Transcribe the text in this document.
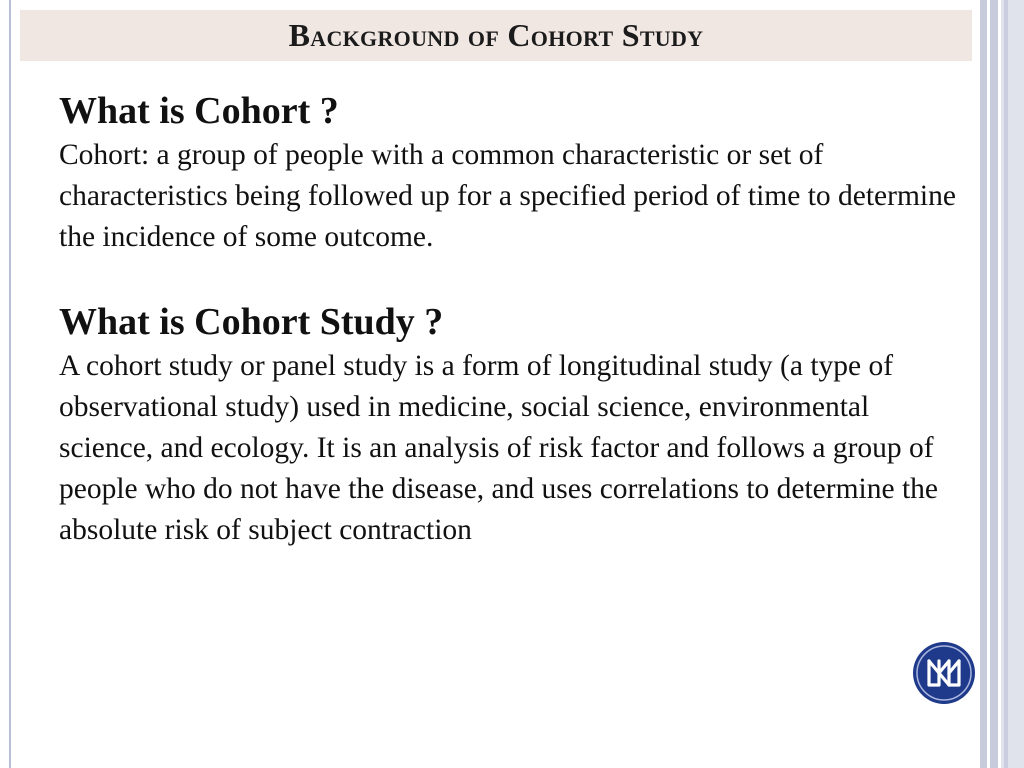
Background of Cohort Study
What is Cohort ?

Cohort: a group of people with a common characteristic or set of characteristics being followed up for a specified period of time to determine the incidence of some outcome.

What is Cohort Study ?

A cohort study or panel study is a form of longitudinal study (a type of observational study) used in medicine, social science, environmental science, and ecology. It is an analysis of risk factor and follows a group of people who do not have the disease, and uses correlations to determine the absolute risk of subject contraction
